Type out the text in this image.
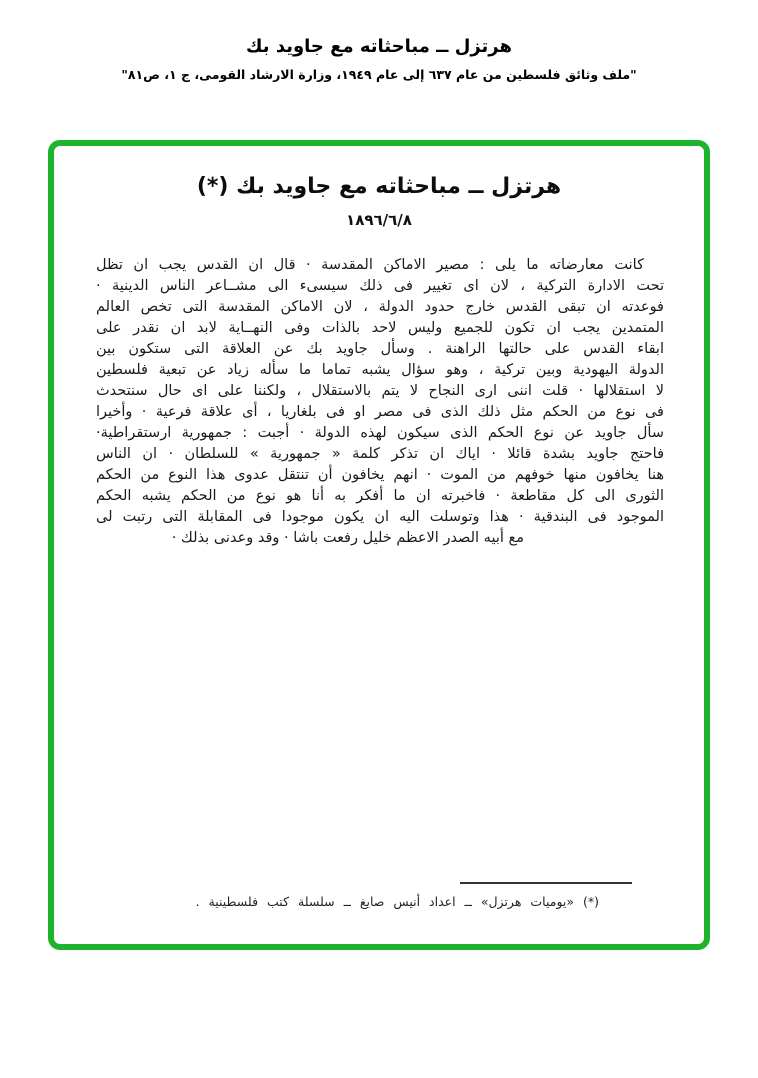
هرتزل ــ مباحثاته مع جاويد بك
"ملف وثائق فلسطين من عام ٦٣٧ إلى عام ١٩٤٩، وزارة الارشاد القومى، ج ١، ص٨١"
هرتزل ــ مباحثاته مع جاويد بك (*)
١٨٩٦/٦/٨
كانت معارضاته ما يلى : مصير الاماكن المقدسة · قال ان القدس يجب ان تظل
تحت الادارة التركية ، لان اى تغيير فى ذلك سيسىء الى مشــاعر الناس الدينية ·
فوعدته ان تبقى القدس خارج حدود الدولة ، لان الاماكن المقدسة التى تخص العالم
المتمدين يجب ان تكون للجميع وليس لاحد بالذات وفى النهــاية لابد ان نقدر على
ابقاء القدس على حالتها الراهنة . وسأل جاويد بك عن العلاقة التى ستكون بين
الدولة اليهودية وبين تركية ، وهو سؤال يشبه تماما ما سأله زياد عن تبعية فلسطين
لا استقلالها · قلت اننى ارى النجاح لا يتم بالاستقلال ، ولكننا على اى حال سنتحدث
فى نوع من الحكم مثل ذلك الذى فى مصر او فى بلغاريا ، أى علاقة فرعية · وأخيرا
سأل جاويد عن نوع الحكم الذى سيكون لهذه الدولة · أجبت : جمهورية ارستقراطية·
فاحتج جاويد بشدة قائلا · اياك ان تذكر كلمة « جمهورية » للسلطان · ان الناس
هنا يخافون منها خوفهم من الموت · انهم يخافون أن تنتقل عدوى هذا النوع من الحكم
الثورى الى كل مقاطعة · فاخبرته ان ما أفكر به أنا هو نوع من الحكم يشبه الحكم
الموجود فى البندقية · هذا وتوسلت اليه ان يكون موجودا فى المقابلة التى رتبت لى
مع أبيه الصدر الاعظم خليل رفعت باشا · وقد وعدنى بذلك ·
(*) «يوميات هرتزل» ــ اعداد أنيس صايغ ــ سلسلة كتب فلسطينية .
